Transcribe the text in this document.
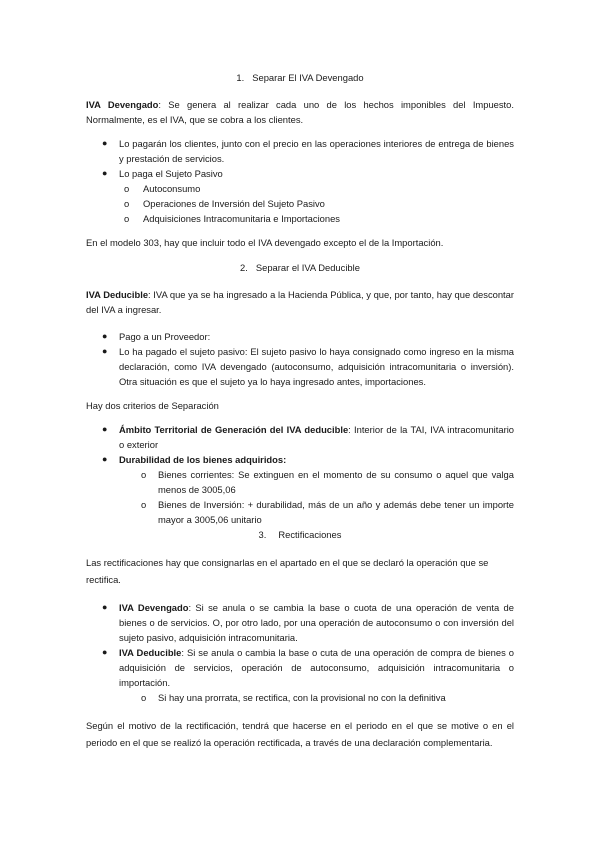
1. Separar El IVA Devengado

IVA Devengado: Se genera al realizar cada uno de los hechos imponibles del Impuesto. Normalmente, es el IVA, que se cobra a los clientes.

● Lo pagarán los clientes, junto con el precio en las operaciones interiores de entrega de bienes y prestación de servicios.
● Lo paga el Sujeto Pasivo
o Autoconsumo
o Operaciones de Inversión del Sujeto Pasivo
o Adquisiciones Intracomunitaria e Importaciones

En el modelo 303, hay que incluir todo el IVA devengado excepto el de la Importación.

2. Separar el IVA Deducible

IVA Deducible: IVA que ya se ha ingresado a la Hacienda Pública, y que, por tanto, hay que descontar del IVA a ingresar.

● Pago a un Proveedor:
● Lo ha pagado el sujeto pasivo: El sujeto pasivo lo haya consignado como ingreso en la misma declaración, como IVA devengado (autoconsumo, adquisición intracomunitaria o inversión). Otra situación es que el sujeto ya lo haya ingresado antes, importaciones.

Hay dos criterios de Separación

● Ámbito Territorial de Generación del IVA deducible: Interior de la TAI, IVA intracomunitario o exterior
● Durabilidad de los bienes adquiridos:
o Bienes corrientes: Se extinguen en el momento de su consumo o aquel que valga menos de 3005,06
o Bienes de Inversión: + durabilidad, más de un año y además debe tener un importe mayor a 3005,06 unitario

3. Rectificaciones

Las rectificaciones hay que consignarlas en el apartado en el que se declaró la operación que se rectifica.

● IVA Devengado: Si se anula o se cambia la base o cuota de una operación de venta de bienes o de servicios. O, por otro lado, por una operación de autoconsumo o con inversión del sujeto pasivo, adquisición intracomunitaria.
● IVA Deducible: Si se anula o cambia la base o cuta de una operación de compra de bienes o adquisición de servicios, operación de autoconsumo, adquisición intracomunitaria o importación.
o Si hay una prorrata, se rectifica, con la provisional no con la definitiva

Según el motivo de la rectificación, tendrá que hacerse en el periodo en el que se motive o en el periodo en el que se realizó la operación rectificada, a través de una declaración complementaria.
